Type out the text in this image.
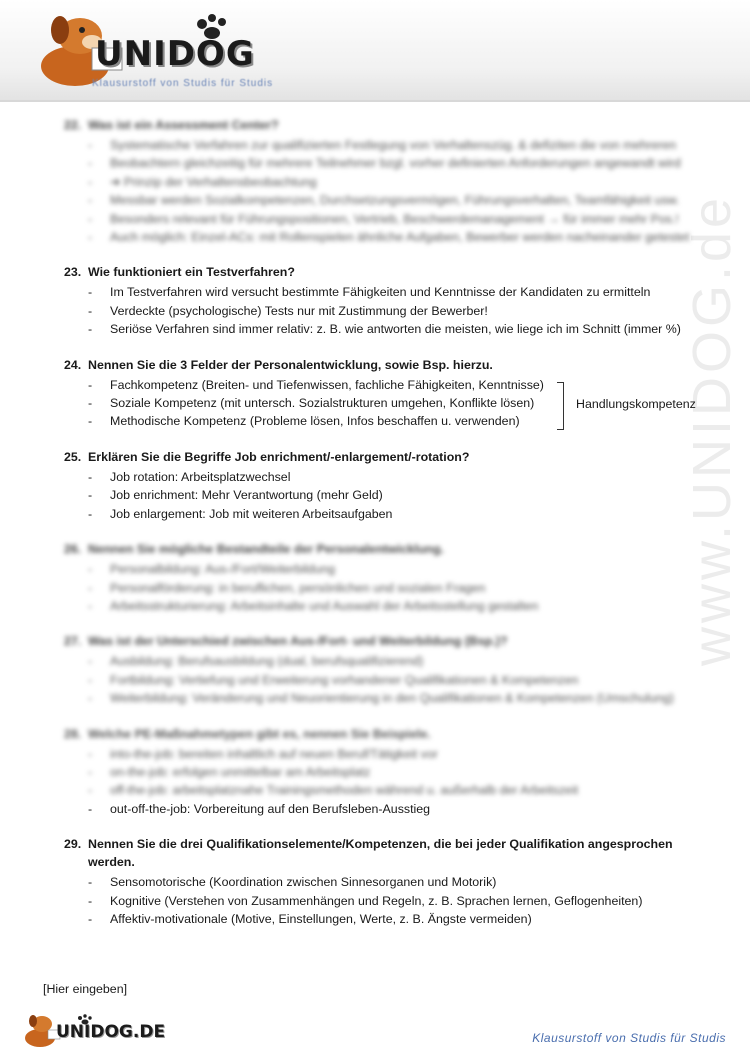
UNIDOG
Klausurstoff von Studis für Studis
www.UNIDOG.de
22. Was ist ein Assessment Center?
- Systematische Verfahren zur qualifizierten Festlegung von Verhaltenszüg. & defiziten die von mehreren
- Beobachtern gleichzeitig für mehrere Teilnehmer bzgl. vorher definierten Anforderungen angewandt wird
- ➔ Prinzip der Verhaltensbeobachtung
- Messbar werden Sozialkompetenzen, Durchsetzungsvermögen, Führungsverhalten, Teamfähigkeit usw.
- Besonders relevant für Führungspositionen, Vertrieb, Beschwerdemanagement → für immer mehr Pos.!
- Auch möglich: Einzel-ACs: mit Rollenspielen ähnliche Aufgaben, Bewerber werden nacheinander getestet
23. Wie funktioniert ein Testverfahren?
- Im Testverfahren wird versucht bestimmte Fähigkeiten und Kenntnisse der Kandidaten zu ermitteln
- Verdeckte (psychologische) Tests nur mit Zustimmung der Bewerber!
- Seriöse Verfahren sind immer relativ: z. B. wie antworten die meisten, wie liege ich im Schnitt (immer %)
24. Nennen Sie die 3 Felder der Personalentwicklung, sowie Bsp. hierzu.
- Fachkompetenz (Breiten- und Tiefenwissen, fachliche Fähigkeiten, Kenntnisse)
- Soziale Kompetenz (mit untersch. Sozialstrukturen umgehen, Konflikte lösen)
- Methodische Kompetenz (Probleme lösen, Infos beschaffen u. verwenden)
Handlungskompetenz
25. Erklären Sie die Begriffe Job enrichment/-enlargement/-rotation?
- Job rotation: Arbeitsplatzwechsel
- Job enrichment: Mehr Verantwortung (mehr Geld)
- Job enlargement: Job mit weiteren Arbeitsaufgaben
26. Nennen Sie mögliche Bestandteile der Personalentwicklung.
- Personalbildung: Aus-/Fort/Weiterbildung
- Personalförderung: in beruflichen, persönlichen und sozialen Fragen
- Arbeitsstrukturierung: Arbeitsinhalte und Auswahl der Arbeitsstellung gestalten
27. Was ist der Unterschied zwischen Aus-/Fort- und Weiterbildung (Bsp.)?
- Ausbildung: Berufsausbildung (dual, berufsqualifizierend)
- Fortbildung: Vertiefung und Erweiterung vorhandener Qualifikationen & Kompetenzen
- Weiterbildung: Veränderung und Neuorientierung in den Qualifikationen & Kompetenzen (Umschulung)
28. Welche PE-Maßnahmetypen gibt es, nennen Sie Beispiele.
- into-the-job: bereiten inhaltlich auf neuen Beruf/Tätigkeit vor
- on-the-job: erfolgen unmittelbar am Arbeitsplatz
- off-the-job: arbeitsplatznahe Trainingsmethoden während u. außerhalb der Arbeitszeit
- out-off-the-job: Vorbereitung auf den Berufsleben-Ausstieg
29. Nennen Sie die drei Qualifikationselemente/Kompetenzen, die bei jeder Qualifikation angesprochen werden.
- Sensomotorische (Koordination zwischen Sinnesorganen und Motorik)
- Kognitive (Verstehen von Zusammenhängen und Regeln, z. B. Sprachen lernen, Geflogenheiten)
- Affektiv-motivationale (Motive, Einstellungen, Werte, z. B. Ängste vermeiden)
[Hier eingeben]
UNIDOG.DE	Klausurstoff von Studis für Studis
